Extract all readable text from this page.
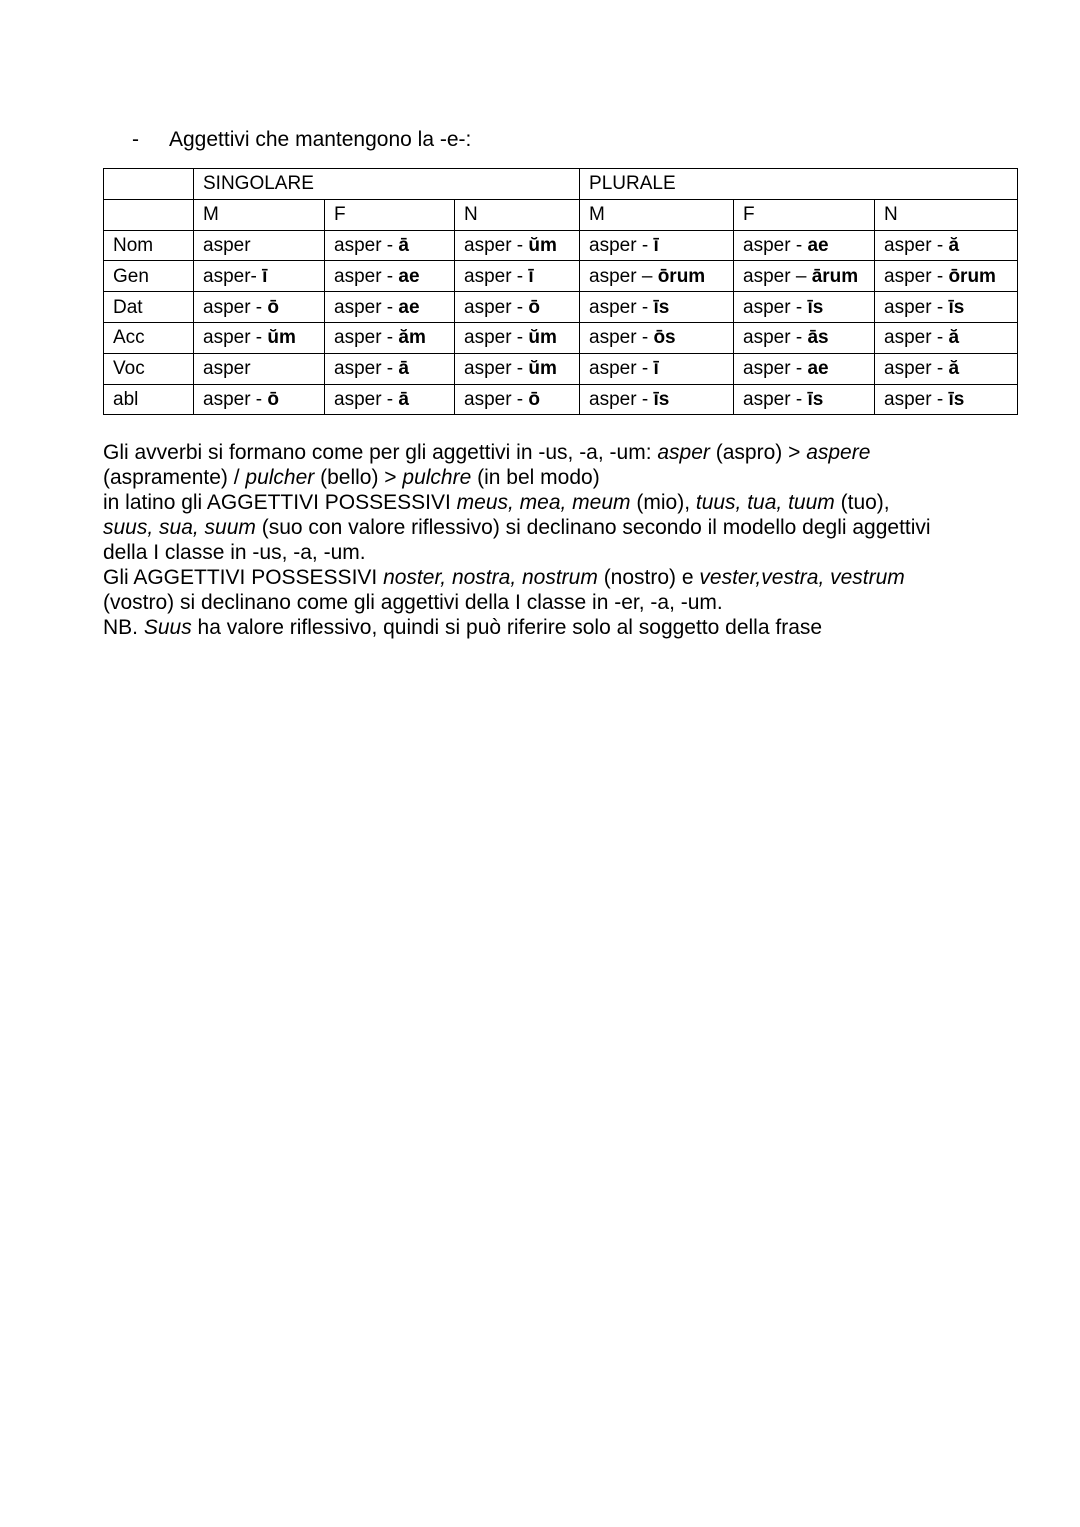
- Aggettivi che mantengono la -e-:
	SINGOLARE			PLURALE		
	M	F	N	M	F	N
Nom	asper	asper - ā	asper - ŭm	asper - ī	asper - ae	asper - ă
Gen	asper- ī	asper - ae	asper - ī	asper – ōrum	asper – ārum	asper - ōrum
Dat	asper - ō	asper - ae	asper - ō	asper - īs	asper - īs	asper - īs
Acc	asper - ŭm	asper - ăm	asper - ŭm	asper - ōs	asper - ās	asper - ă
Voc	asper	asper - ā	asper - ŭm	asper - ī	asper - ae	asper - ă
abl	asper - ō	asper - ā	asper - ō	asper - īs	asper - īs	asper - īs

Gli avverbi si formano come per gli aggettivi in -us, -a, -um: asper (aspro) > aspere

(aspramente) / pulcher (bello) > pulchre (in bel modo)

in latino gli AGGETTIVI POSSESSIVI meus, mea, meum (mio), tuus, tua, tuum (tuo),

suus, sua, suum (suo con valore riflessivo) si declinano secondo il modello degli aggettivi

della I classe in -us, -a, -um.

Gli AGGETTIVI POSSESSIVI noster, nostra, nostrum (nostro) e vester,vestra, vestrum

(vostro) si declinano come gli aggettivi della I classe in -er, -a, -um.

NB. Suus ha valore riflessivo, quindi si può riferire solo al soggetto della frase
